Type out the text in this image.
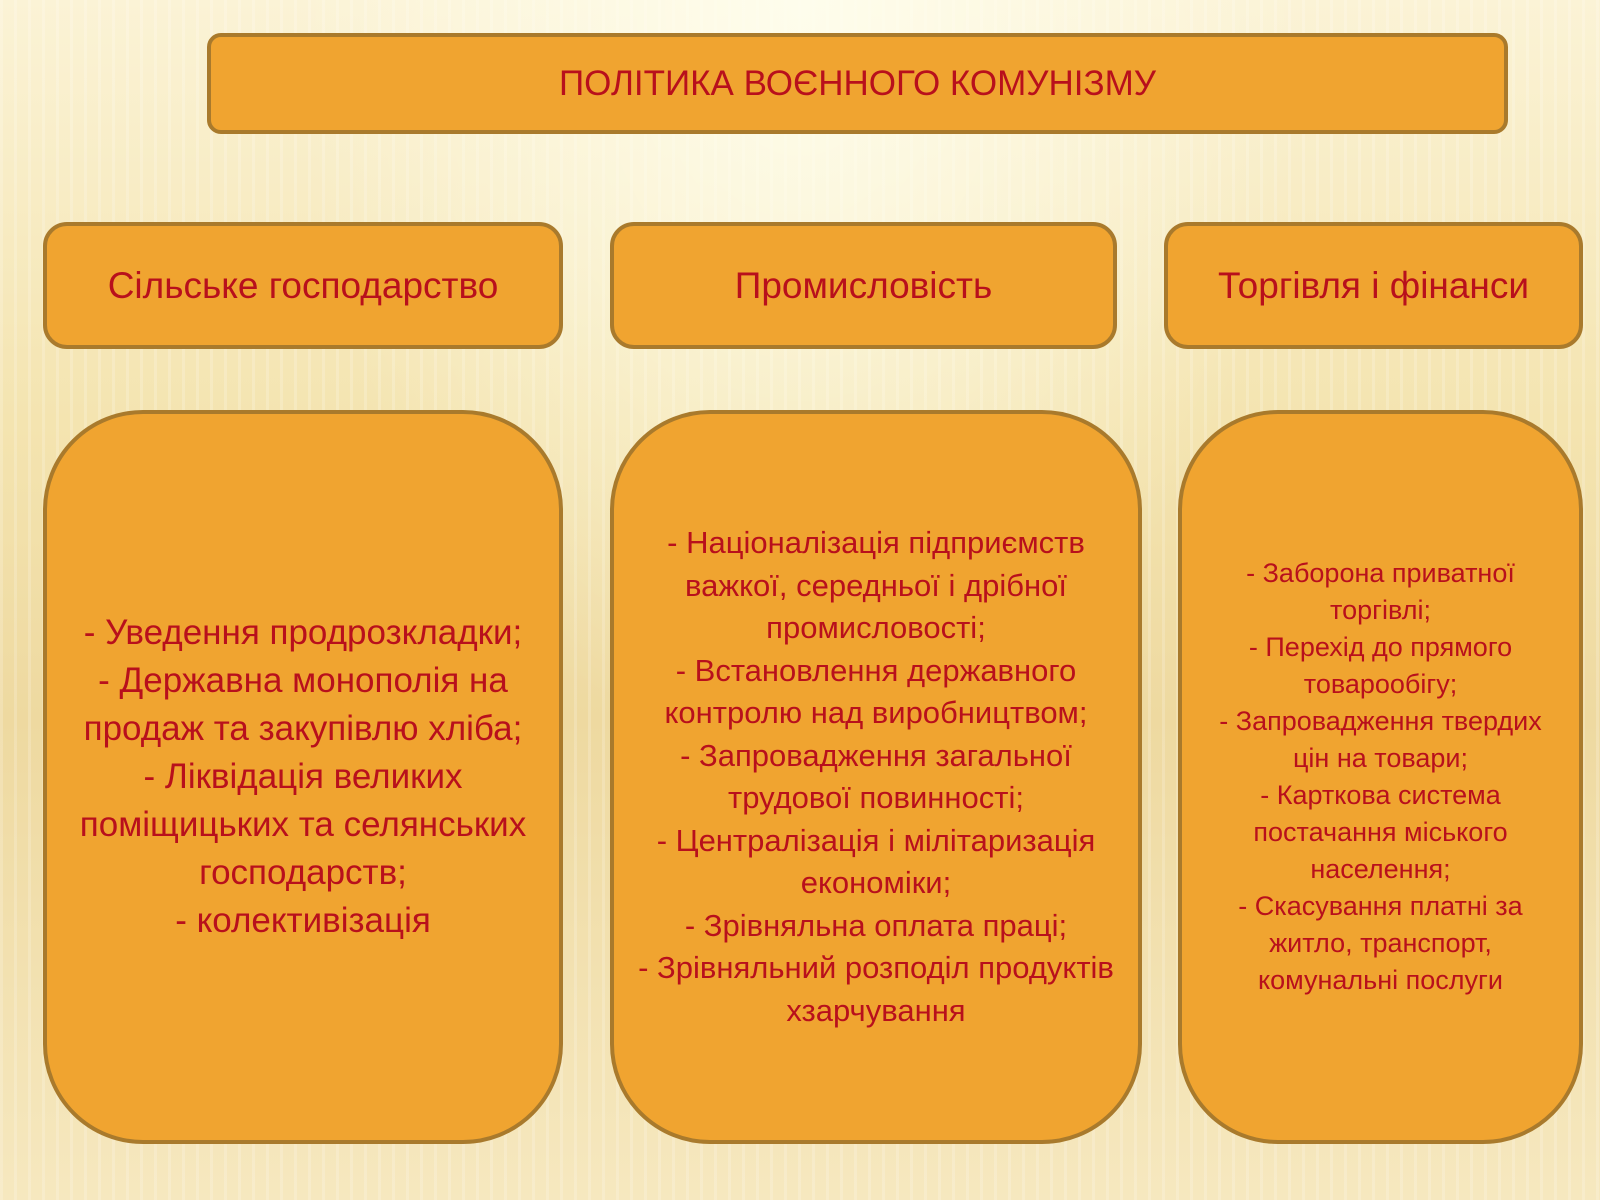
ПОЛІТИКА ВОЄННОГО КОМУНІЗМУ
Сільське господарство	Промисловість	Торгівля і фінанси
- Уведення продрозкладки;
- Державна монополія на продаж та закупівлю хліба;
- Ліквідація великих поміщицьких та селянських господарств;
- колективізація
- Націоналізація підприємств важкої, середньої і дрібної промисловості;
- Встановлення державного контролю над виробництвом;
- Запровадження загальної трудової повинності;
- Централізація і мілітаризація економіки;
- Зрівняльна оплата праці;
- Зрівняльний розподіл продуктів хзарчування
- Заборона приватної торгівлі;
- Перехід до прямого товарообігу;
- Запровадження твердих цін на товари;
- Карткова система постачання міського населення;
- Скасування платні за житло, транспорт, комунальні послуги
